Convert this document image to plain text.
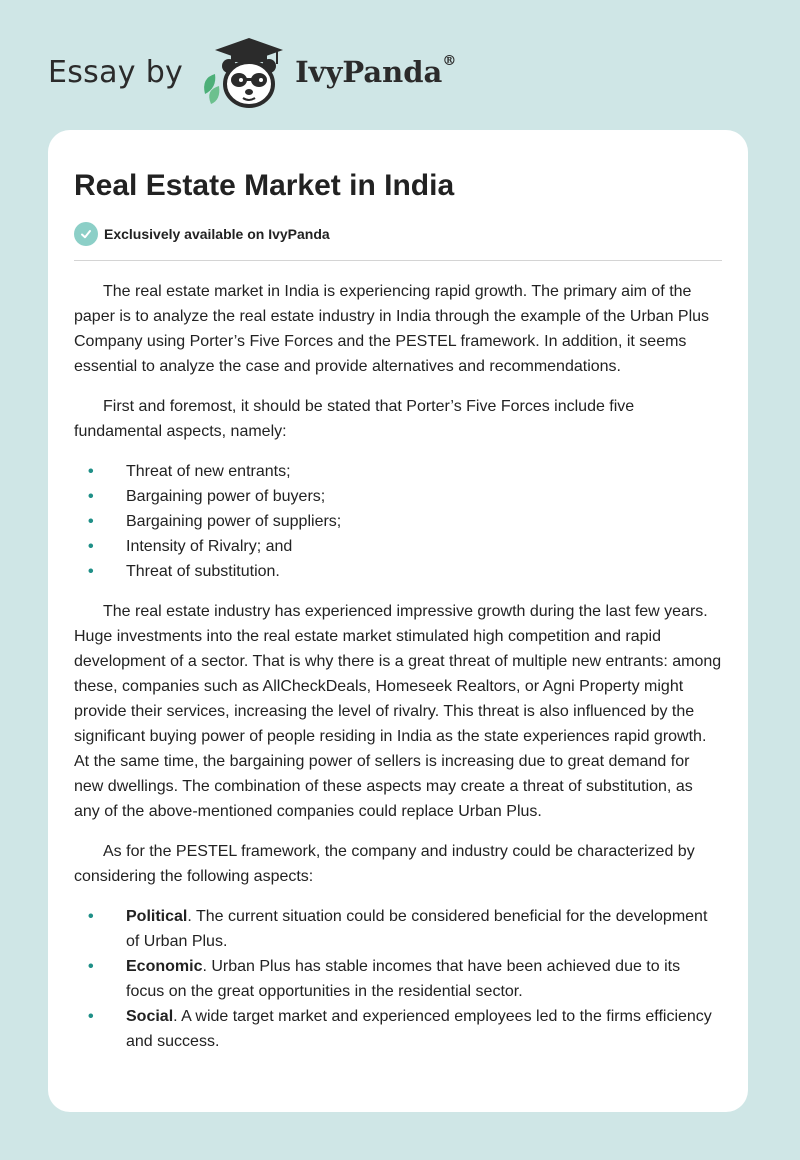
Essay by	IvyPanda®
Real Estate Market in India
Exclusively available on IvyPanda

The real estate market in India is experiencing rapid growth. The primary aim of the paper is to analyze the real estate industry in India through the example of the Urban Plus Company using Porter’s Five Forces and the PESTEL framework. In addition, it seems essential to analyze the case and provide alternatives and recommendations.

First and foremost, it should be stated that Porter’s Five Forces include five fundamental aspects, namely:

• Threat of new entrants;
• Bargaining power of buyers;
• Bargaining power of suppliers;
• Intensity of Rivalry; and
• Threat of substitution.

The real estate industry has experienced impressive growth during the last few years. Huge investments into the real estate market stimulated high competition and rapid development of a sector. That is why there is a great threat of multiple new entrants: among these, companies such as AllCheckDeals, Homeseek Realtors, or Agni Property might provide their services, increasing the level of rivalry. This threat is also influenced by the significant buying power of people residing in India as the state experiences rapid growth. At the same time, the bargaining power of sellers is increasing due to great demand for new dwellings. The combination of these aspects may create a threat of substitution, as any of the above-mentioned companies could replace Urban Plus.

As for the PESTEL framework, the company and industry could be characterized by considering the following aspects:

• Political. The current situation could be considered beneficial for the development of Urban Plus.
• Economic. Urban Plus has stable incomes that have been achieved due to its focus on the great opportunities in the residential sector.
• Social. A wide target market and experienced employees led to the firms efficiency and success.
